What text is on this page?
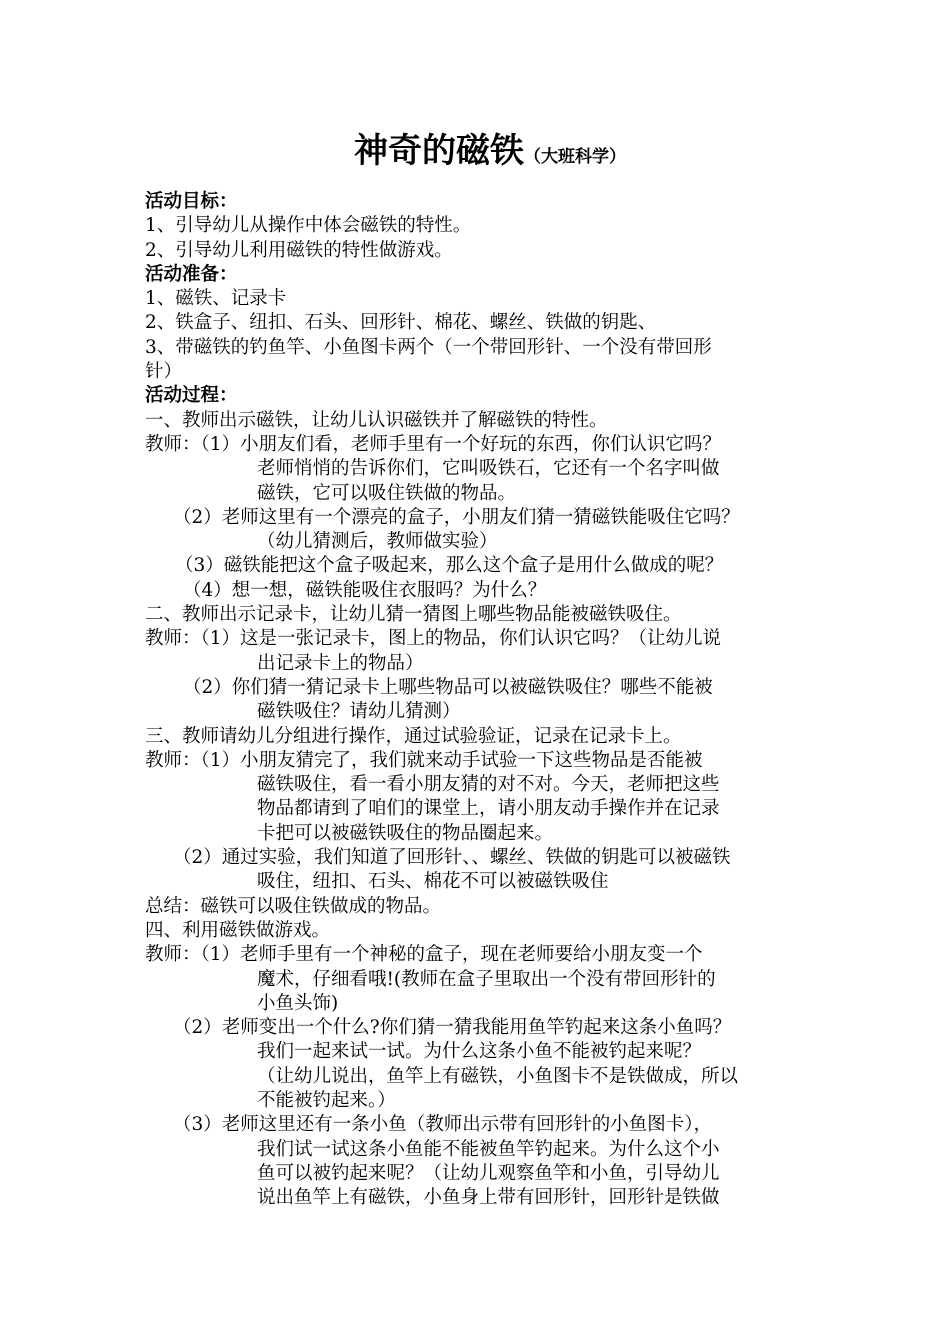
神奇的磁铁（大班科学）

活动目标：

1、引导幼儿从操作中体会磁铁的特性。

2、引导幼儿利用磁铁的特性做游戏。

活动准备：

1、磁铁、记录卡

2、铁盒子、纽扣、石头、回形针、棉花、螺丝、铁做的钥匙、

3、带磁铁的钓鱼竿、小鱼图卡两个（一个带回形针、一个没有带回形

针）

活动过程：

一、教师出示磁铁，让幼儿认识磁铁并了解磁铁的特性。

教师：（1）小朋友们看，老师手里有一个好玩的东西，你们认识它吗？

老师悄悄的告诉你们，它叫吸铁石，它还有一个名字叫做

磁铁，它可以吸住铁做的物品。

（2）老师这里有一个漂亮的盒子，小朋友们猜一猜磁铁能吸住它吗？

（幼儿猜测后，教师做实验）

（3）磁铁能把这个盒子吸起来，那么这个盒子是用什么做成的呢？

（4）想一想，磁铁能吸住衣服吗？为什么？

二、教师出示记录卡，让幼儿猜一猜图上哪些物品能被磁铁吸住。

教师：（1）这是一张记录卡，图上的物品，你们认识它吗？（让幼儿说

出记录卡上的物品）

（2）你们猜一猜记录卡上哪些物品可以被磁铁吸住？哪些不能被

磁铁吸住？请幼儿猜测）

三、教师请幼儿分组进行操作，通过试验验证，记录在记录卡上。

教师：（1）小朋友猜完了，我们就来动手试验一下这些物品是否能被

磁铁吸住，看一看小朋友猜的对不对。今天，老师把这些

物品都请到了咱们的课堂上，请小朋友动手操作并在记录

卡把可以被磁铁吸住的物品圈起来。

（2）通过实验，我们知道了回形针、、螺丝、铁做的钥匙可以被磁铁

吸住，纽扣、石头、棉花不可以被磁铁吸住

总结：磁铁可以吸住铁做成的物品。

四、利用磁铁做游戏。

教师：（1）老师手里有一个神秘的盒子，现在老师要给小朋友变一个

魔术，仔细看哦!(教师在盒子里取出一个没有带回形针的

小鱼头饰)

（2）老师变出一个什么?你们猜一猜我能用鱼竿钓起来这条小鱼吗？

我们一起来试一试。为什么这条小鱼不能被钓起来呢？

（让幼儿说出，鱼竿上有磁铁，小鱼图卡不是铁做成，所以

不能被钓起来。）

（3）老师这里还有一条小鱼（教师出示带有回形针的小鱼图卡），

我们试一试这条小鱼能不能被鱼竿钓起来。为什么这个小

鱼可以被钓起来呢？（让幼儿观察鱼竿和小鱼，引导幼儿

说出鱼竿上有磁铁，小鱼身上带有回形针，回形针是铁做
